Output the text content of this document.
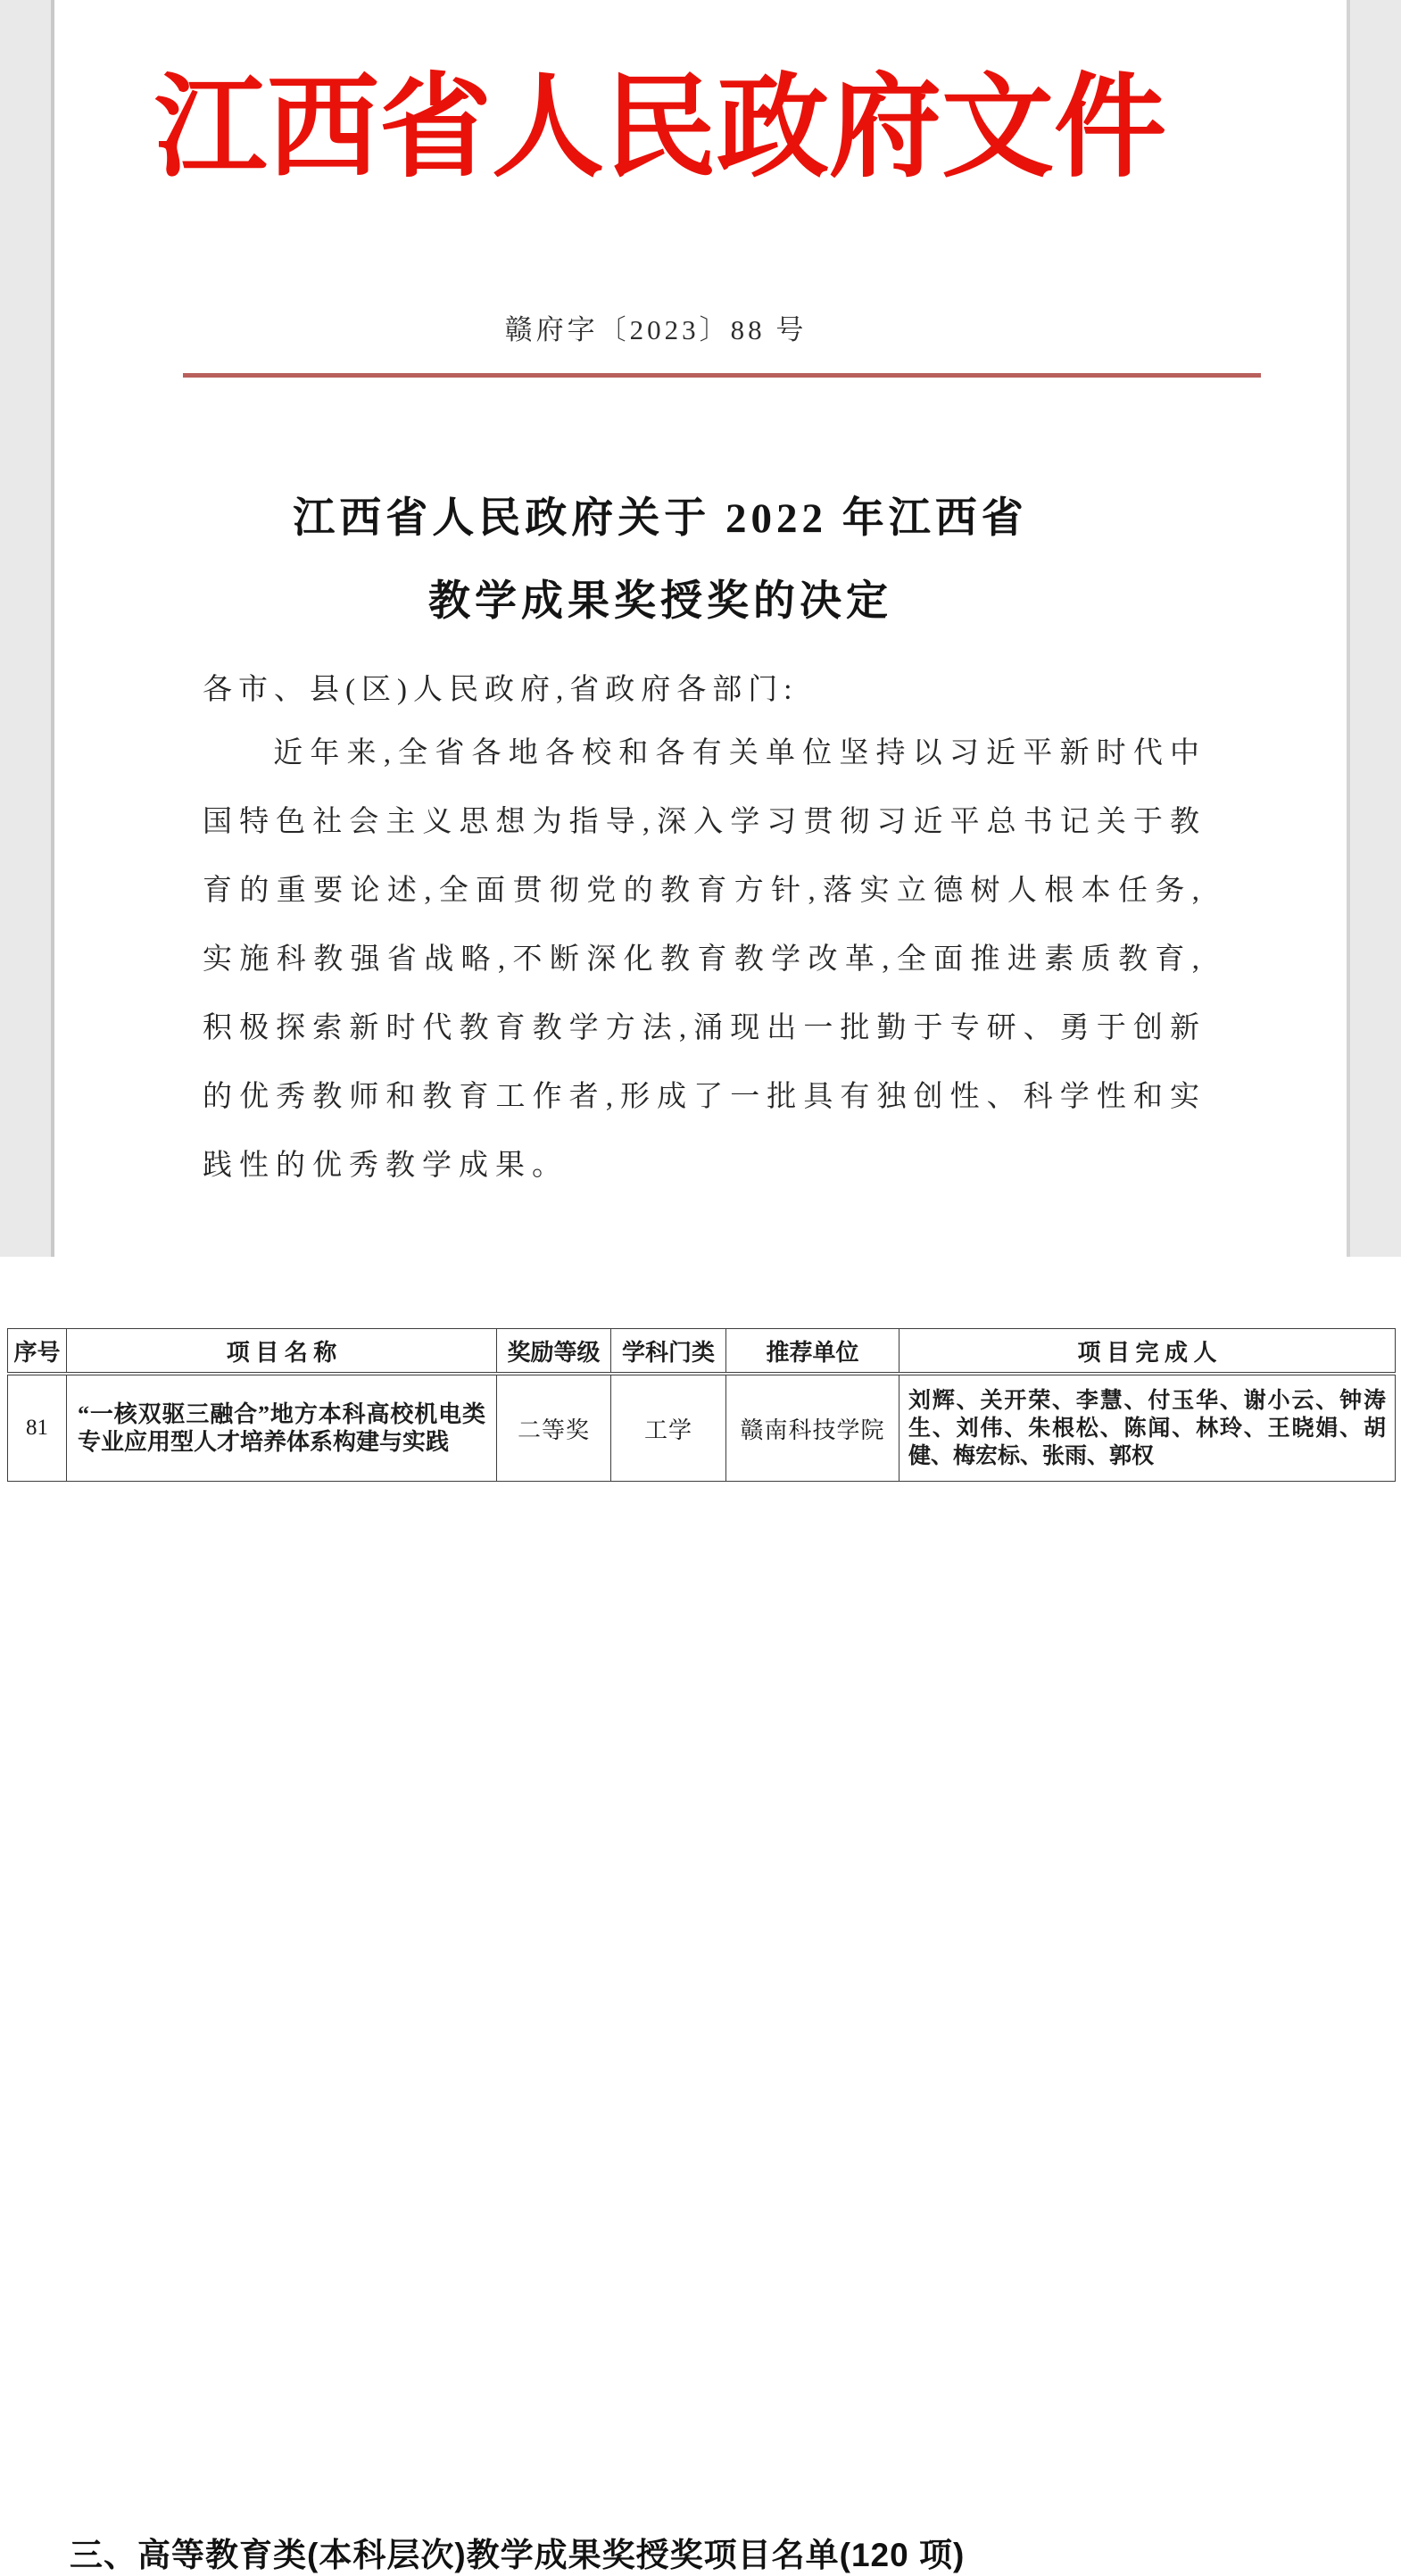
江西省人民政府文件
赣府字〔2023〕88 号
江西省人民政府关于 2022 年江西省
教学成果奖授奖的决定
各市、县(区)人民政府,省政府各部门:

近年来,全省各地各校和各有关单位坚持以习近平新时代中国特色社会主义思想为指导,深入学习贯彻习近平总书记关于教育的重要论述,全面贯彻党的教育方针,落实立德树人根本任务,实施科教强省战略,不断深化教育教学改革,全面推进素质教育,积极探索新时代教育教学方法,涌现出一批勤于专研、勇于创新的优秀教师和教育工作者,形成了一批具有独创性、科学性和实践性的优秀教学成果。

三、高等教育类(本科层次)教学成果奖授奖项目名单(120 项)
序号	项 目 名 称	奖励等级	学科门类	推荐单位	项 目 完 成 人
81	“一核双驱三融合”地方本科高校机电类专业应用型人才培养体系构建与实践	二等奖	工学	赣南科技学院	刘辉、关开荣、李慧、付玉华、谢小云、钟涛生、刘伟、朱根松、陈闻、林玲、王晓娟、胡健、梅宏标、张雨、郭权
